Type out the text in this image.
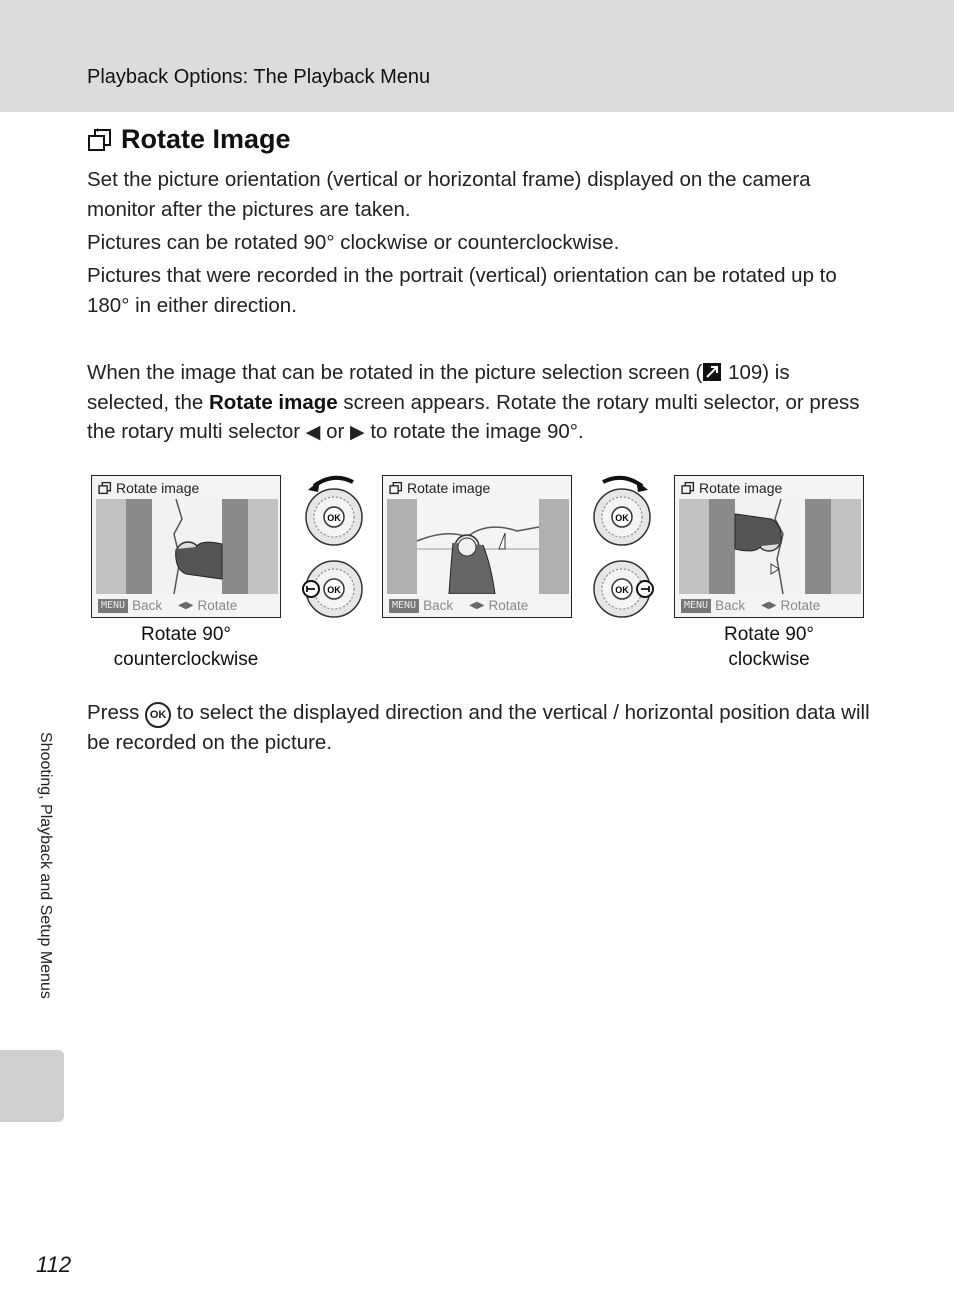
Playback Options: The Playback Menu
Rotate Image
Set the picture orientation (vertical or horizontal frame) displayed on the camera monitor after the pictures are taken.
Pictures can be rotated 90° clockwise or counterclockwise.
Pictures that were recorded in the portrait (vertical) orientation can be rotated up to 180° in either direction.
When the image that can be rotated in the picture selection screen ( 109) is selected, the Rotate image screen appears. Rotate the rotary multi selector, or press the rotary multi selector ◀ or ▶ to rotate the image 90°.
Rotate image
MENU Back ◀▶ Rotate
OK
OK
Rotate image
MENU Back ◀▶ Rotate
OK
OK
Rotate image
MENU Back ◀▶ Rotate
Rotate 90°
counterclockwise
Rotate 90°
clockwise
Press OK to select the displayed direction and the vertical / horizontal position data will be recorded on the picture.
Shooting, Playback and Setup Menus
112
